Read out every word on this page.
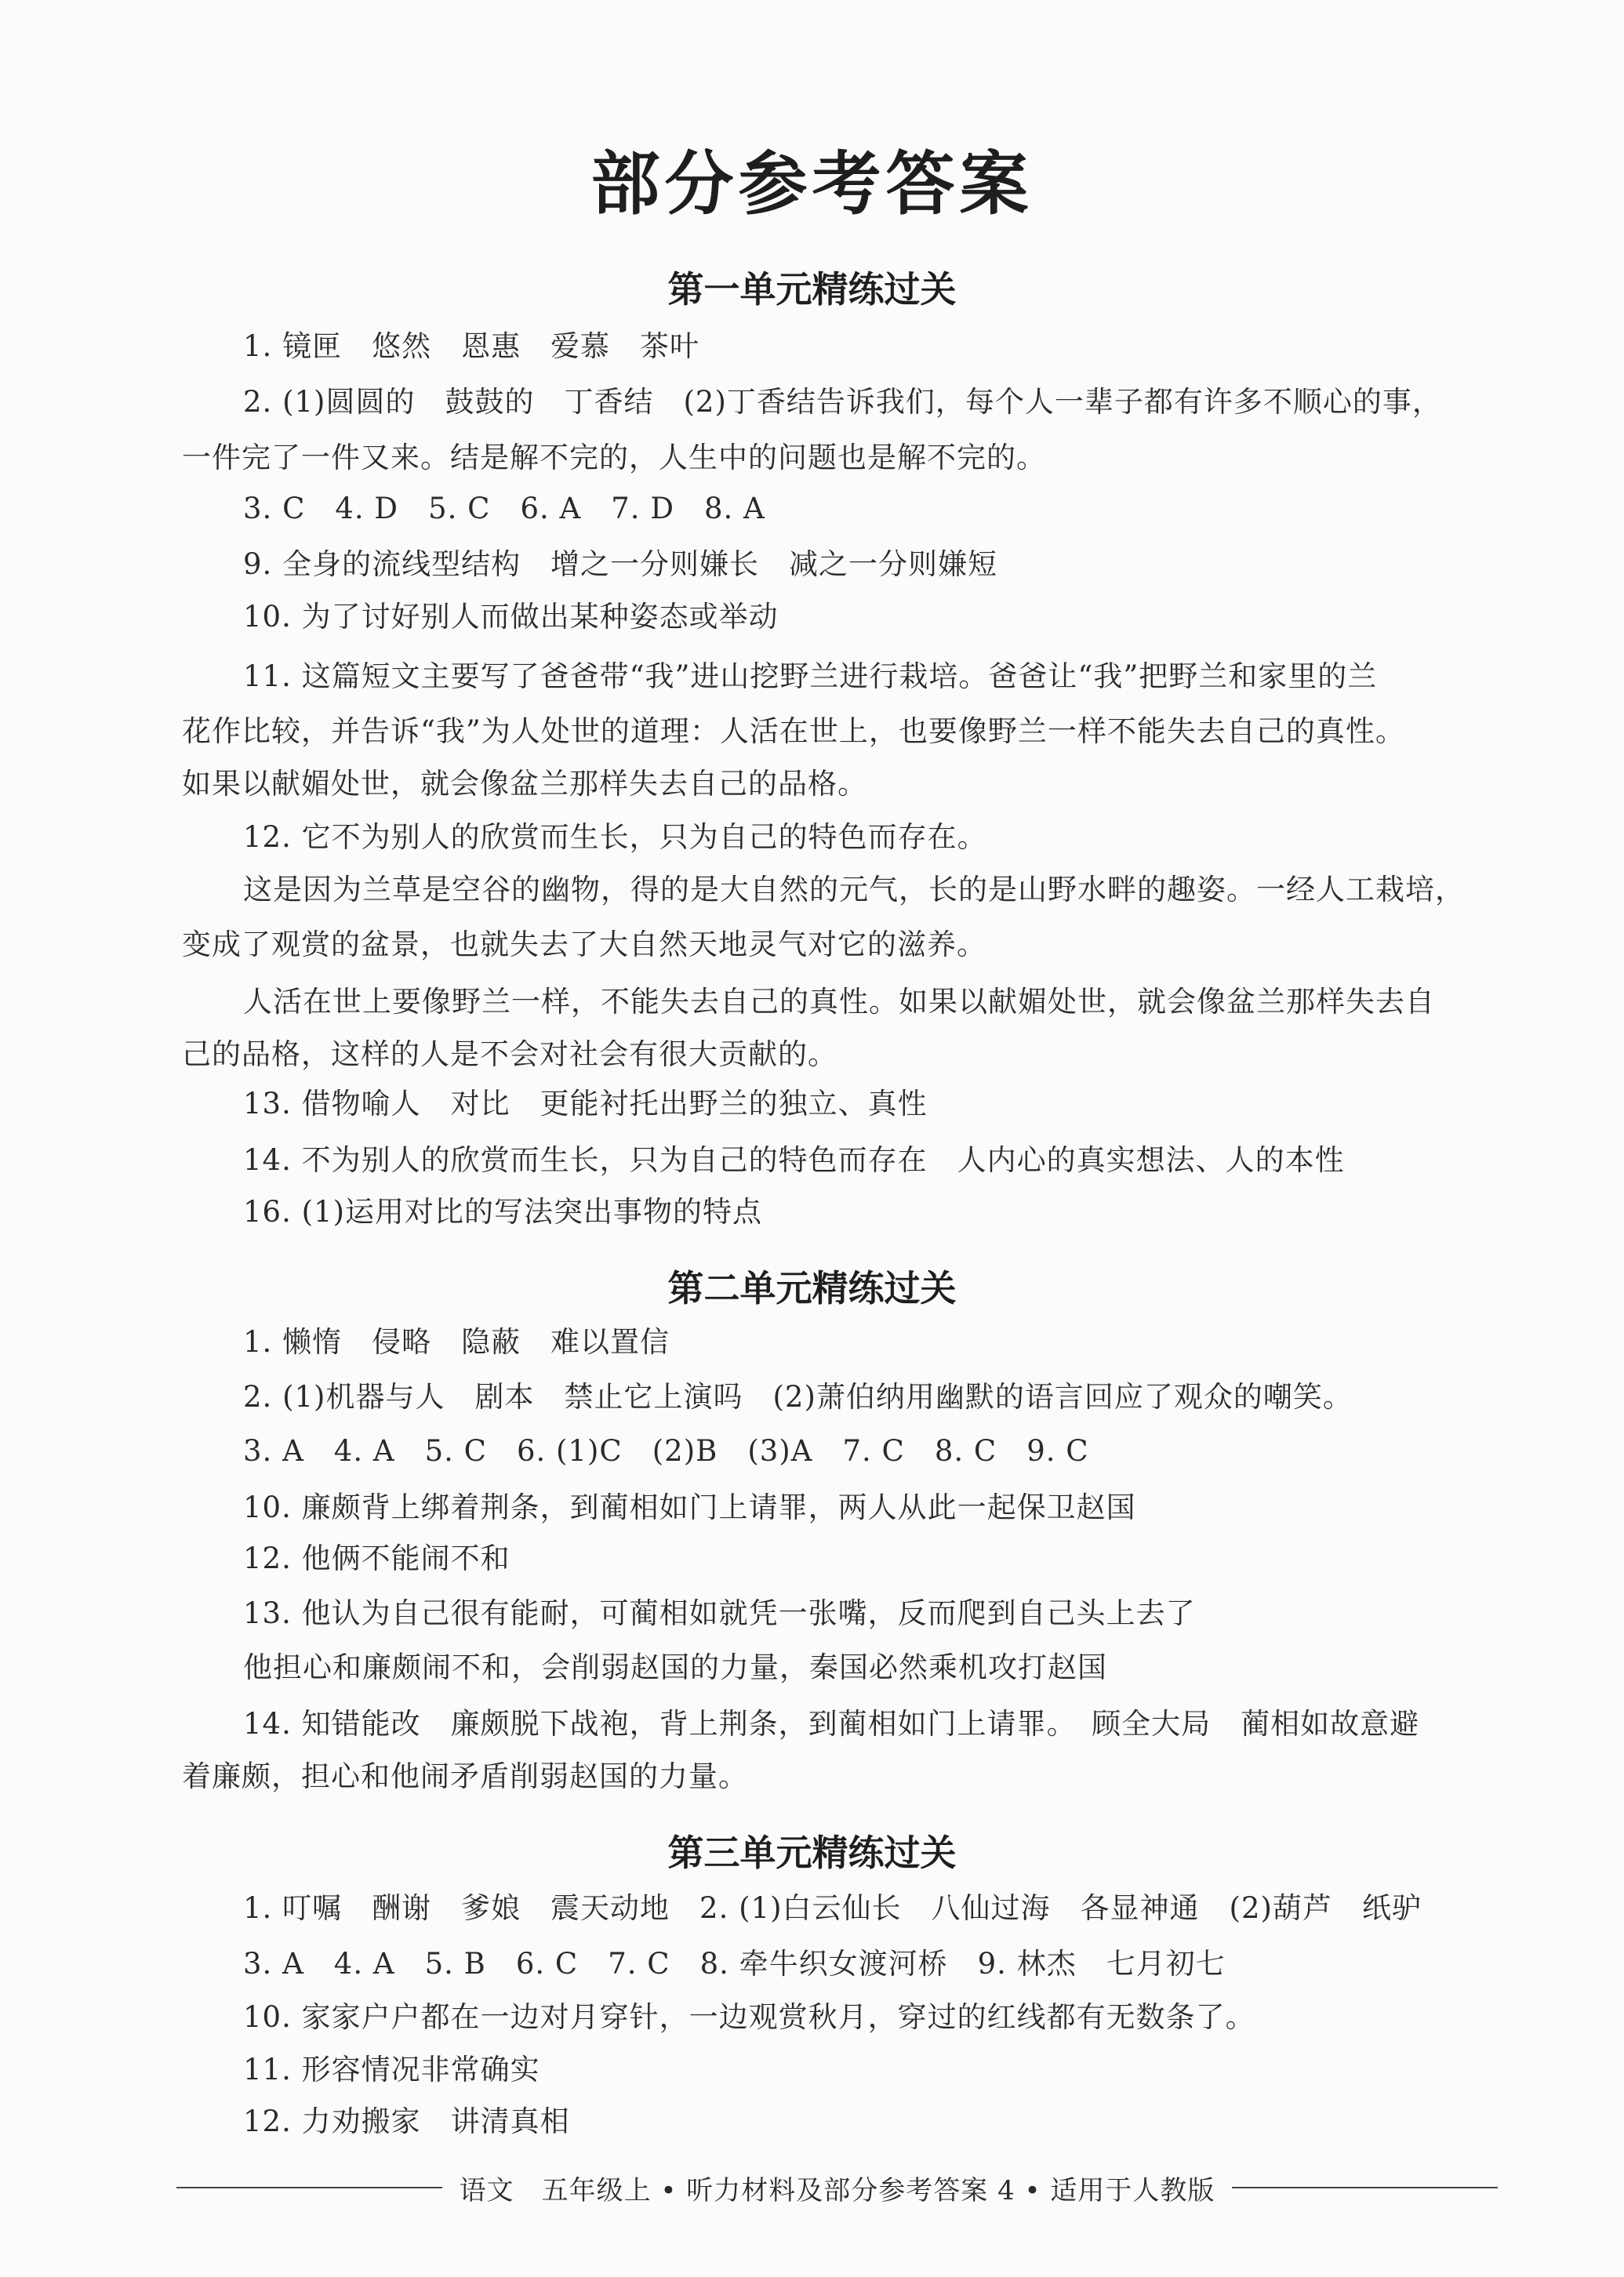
部分参考答案
第一单元精练过关
1. 镜匣　悠然　恩惠　爱慕　茶叶
2. (1)圆圆的　鼓鼓的　丁香结　(2)丁香结告诉我们，每个人一辈子都有许多不顺心的事，
一件完了一件又来。结是解不完的，人生中的问题也是解不完的。
3. C　4. D　5. C　6. A　7. D　8. A
9. 全身的流线型结构　增之一分则嫌长　减之一分则嫌短
10. 为了讨好别人而做出某种姿态或举动
11. 这篇短文主要写了爸爸带“我”进山挖野兰进行栽培。爸爸让“我”把野兰和家里的兰
花作比较，并告诉“我”为人处世的道理：人活在世上，也要像野兰一样不能失去自己的真性。
如果以献媚处世，就会像盆兰那样失去自己的品格。
12. 它不为别人的欣赏而生长，只为自己的特色而存在。
这是因为兰草是空谷的幽物，得的是大自然的元气，长的是山野水畔的趣姿。一经人工栽培，
变成了观赏的盆景，也就失去了大自然天地灵气对它的滋养。
人活在世上要像野兰一样，不能失去自己的真性。如果以献媚处世，就会像盆兰那样失去自
己的品格，这样的人是不会对社会有很大贡献的。
13. 借物喻人　对比　更能衬托出野兰的独立、真性
14. 不为别人的欣赏而生长，只为自己的特色而存在　人内心的真实想法、人的本性
16. (1)运用对比的写法突出事物的特点
第二单元精练过关
1. 懒惰　侵略　隐蔽　难以置信
2. (1)机器与人　剧本　禁止它上演吗　(2)萧伯纳用幽默的语言回应了观众的嘲笑。
3. A　4. A　5. C　6. (1)C　(2)B　(3)A　7. C　8. C　9. C
10. 廉颇背上绑着荆条，到蔺相如门上请罪，两人从此一起保卫赵国
12. 他俩不能闹不和
13. 他认为自己很有能耐，可蔺相如就凭一张嘴，反而爬到自己头上去了
他担心和廉颇闹不和，会削弱赵国的力量，秦国必然乘机攻打赵国
14. 知错能改　廉颇脱下战袍，背上荆条，到蔺相如门上请罪。　顾全大局　蔺相如故意避
着廉颇，担心和他闹矛盾削弱赵国的力量。
第三单元精练过关
1. 叮嘱　酬谢　爹娘　震天动地　2. (1)白云仙长　八仙过海　各显神通　(2)葫芦　纸驴
3. A　4. A　5. B　6. C　7. C　8. 牵牛织女渡河桥　9. 林杰　七月初七
10. 家家户户都在一边对月穿针，一边观赏秋月，穿过的红线都有无数条了。
11. 形容情况非常确实
12. 力劝搬家　讲清真相
语文　五年级上 • 听力材料及部分参考答案 4 • 适用于人教版
